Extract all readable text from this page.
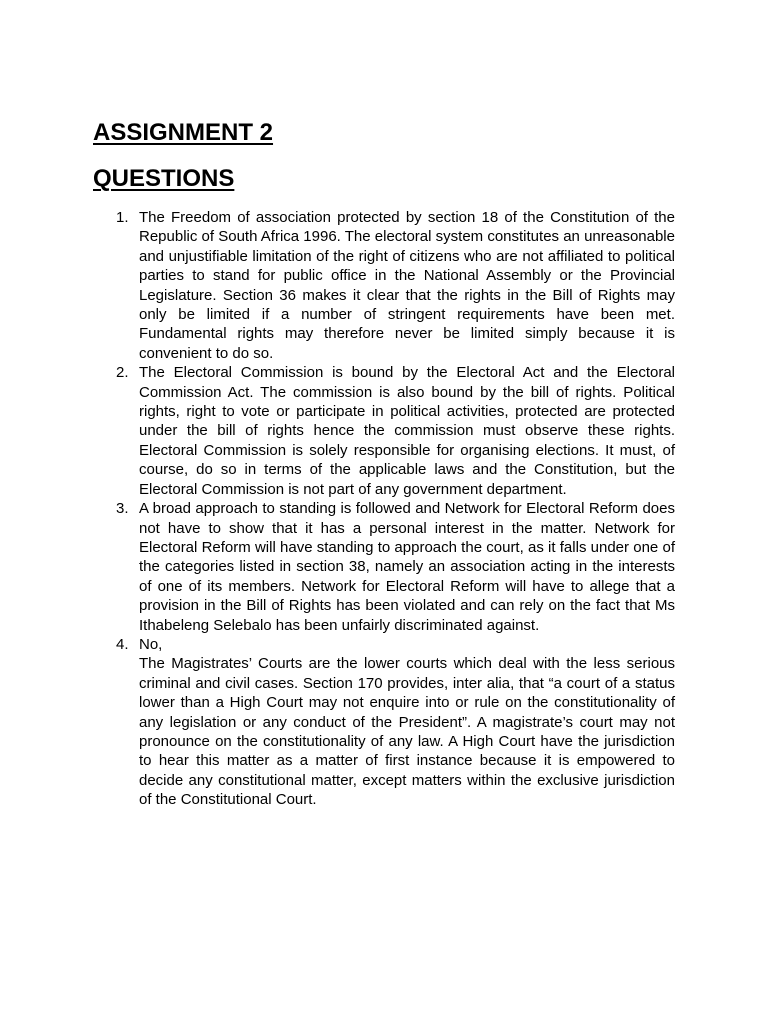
ASSIGNMENT 2
QUESTIONS
1. The Freedom of association protected by section 18 of the Constitution of the Republic of South Africa 1996. The electoral system constitutes an unreasonable and unjustifiable limitation of the right of citizens who are not affiliated to political parties to stand for public office in the National Assembly or the Provincial Legislature. Section 36 makes it clear that the rights in the Bill of Rights may only be limited if a number of stringent requirements have been met. Fundamental rights may therefore never be limited simply because it is convenient to do so.
2. The Electoral Commission is bound by the Electoral Act and the Electoral Commission Act. The commission is also bound by the bill of rights. Political rights, right to vote or participate in political activities, protected are protected under the bill of rights hence the commission must observe these rights. Electoral Commission is solely responsible for organising elections. It must, of course, do so in terms of the applicable laws and the Constitution, but the Electoral Commission is not part of any government department.
3. A broad approach to standing is followed and Network for Electoral Reform does not have to show that it has a personal interest in the matter. Network for Electoral Reform will have standing to approach the court, as it falls under one of the categories listed in section 38, namely an association acting in the interests of one of its members. Network for Electoral Reform will have to allege that a provision in the Bill of Rights has been violated and can rely on the fact that Ms Ithabeleng Selebalo has been unfairly discriminated against.
4. No,
The Magistrates’ Courts are the lower courts which deal with the less serious criminal and civil cases. Section 170 provides, inter alia, that “a court of a status lower than a High Court may not enquire into or rule on the constitutionality of any legislation or any conduct of the President”. A magistrate’s court may not pronounce on the constitutionality of any law. A High Court have the jurisdiction to hear this matter as a matter of first instance because it is empowered to decide any constitutional matter, except matters within the exclusive jurisdiction of the Constitutional Court.
